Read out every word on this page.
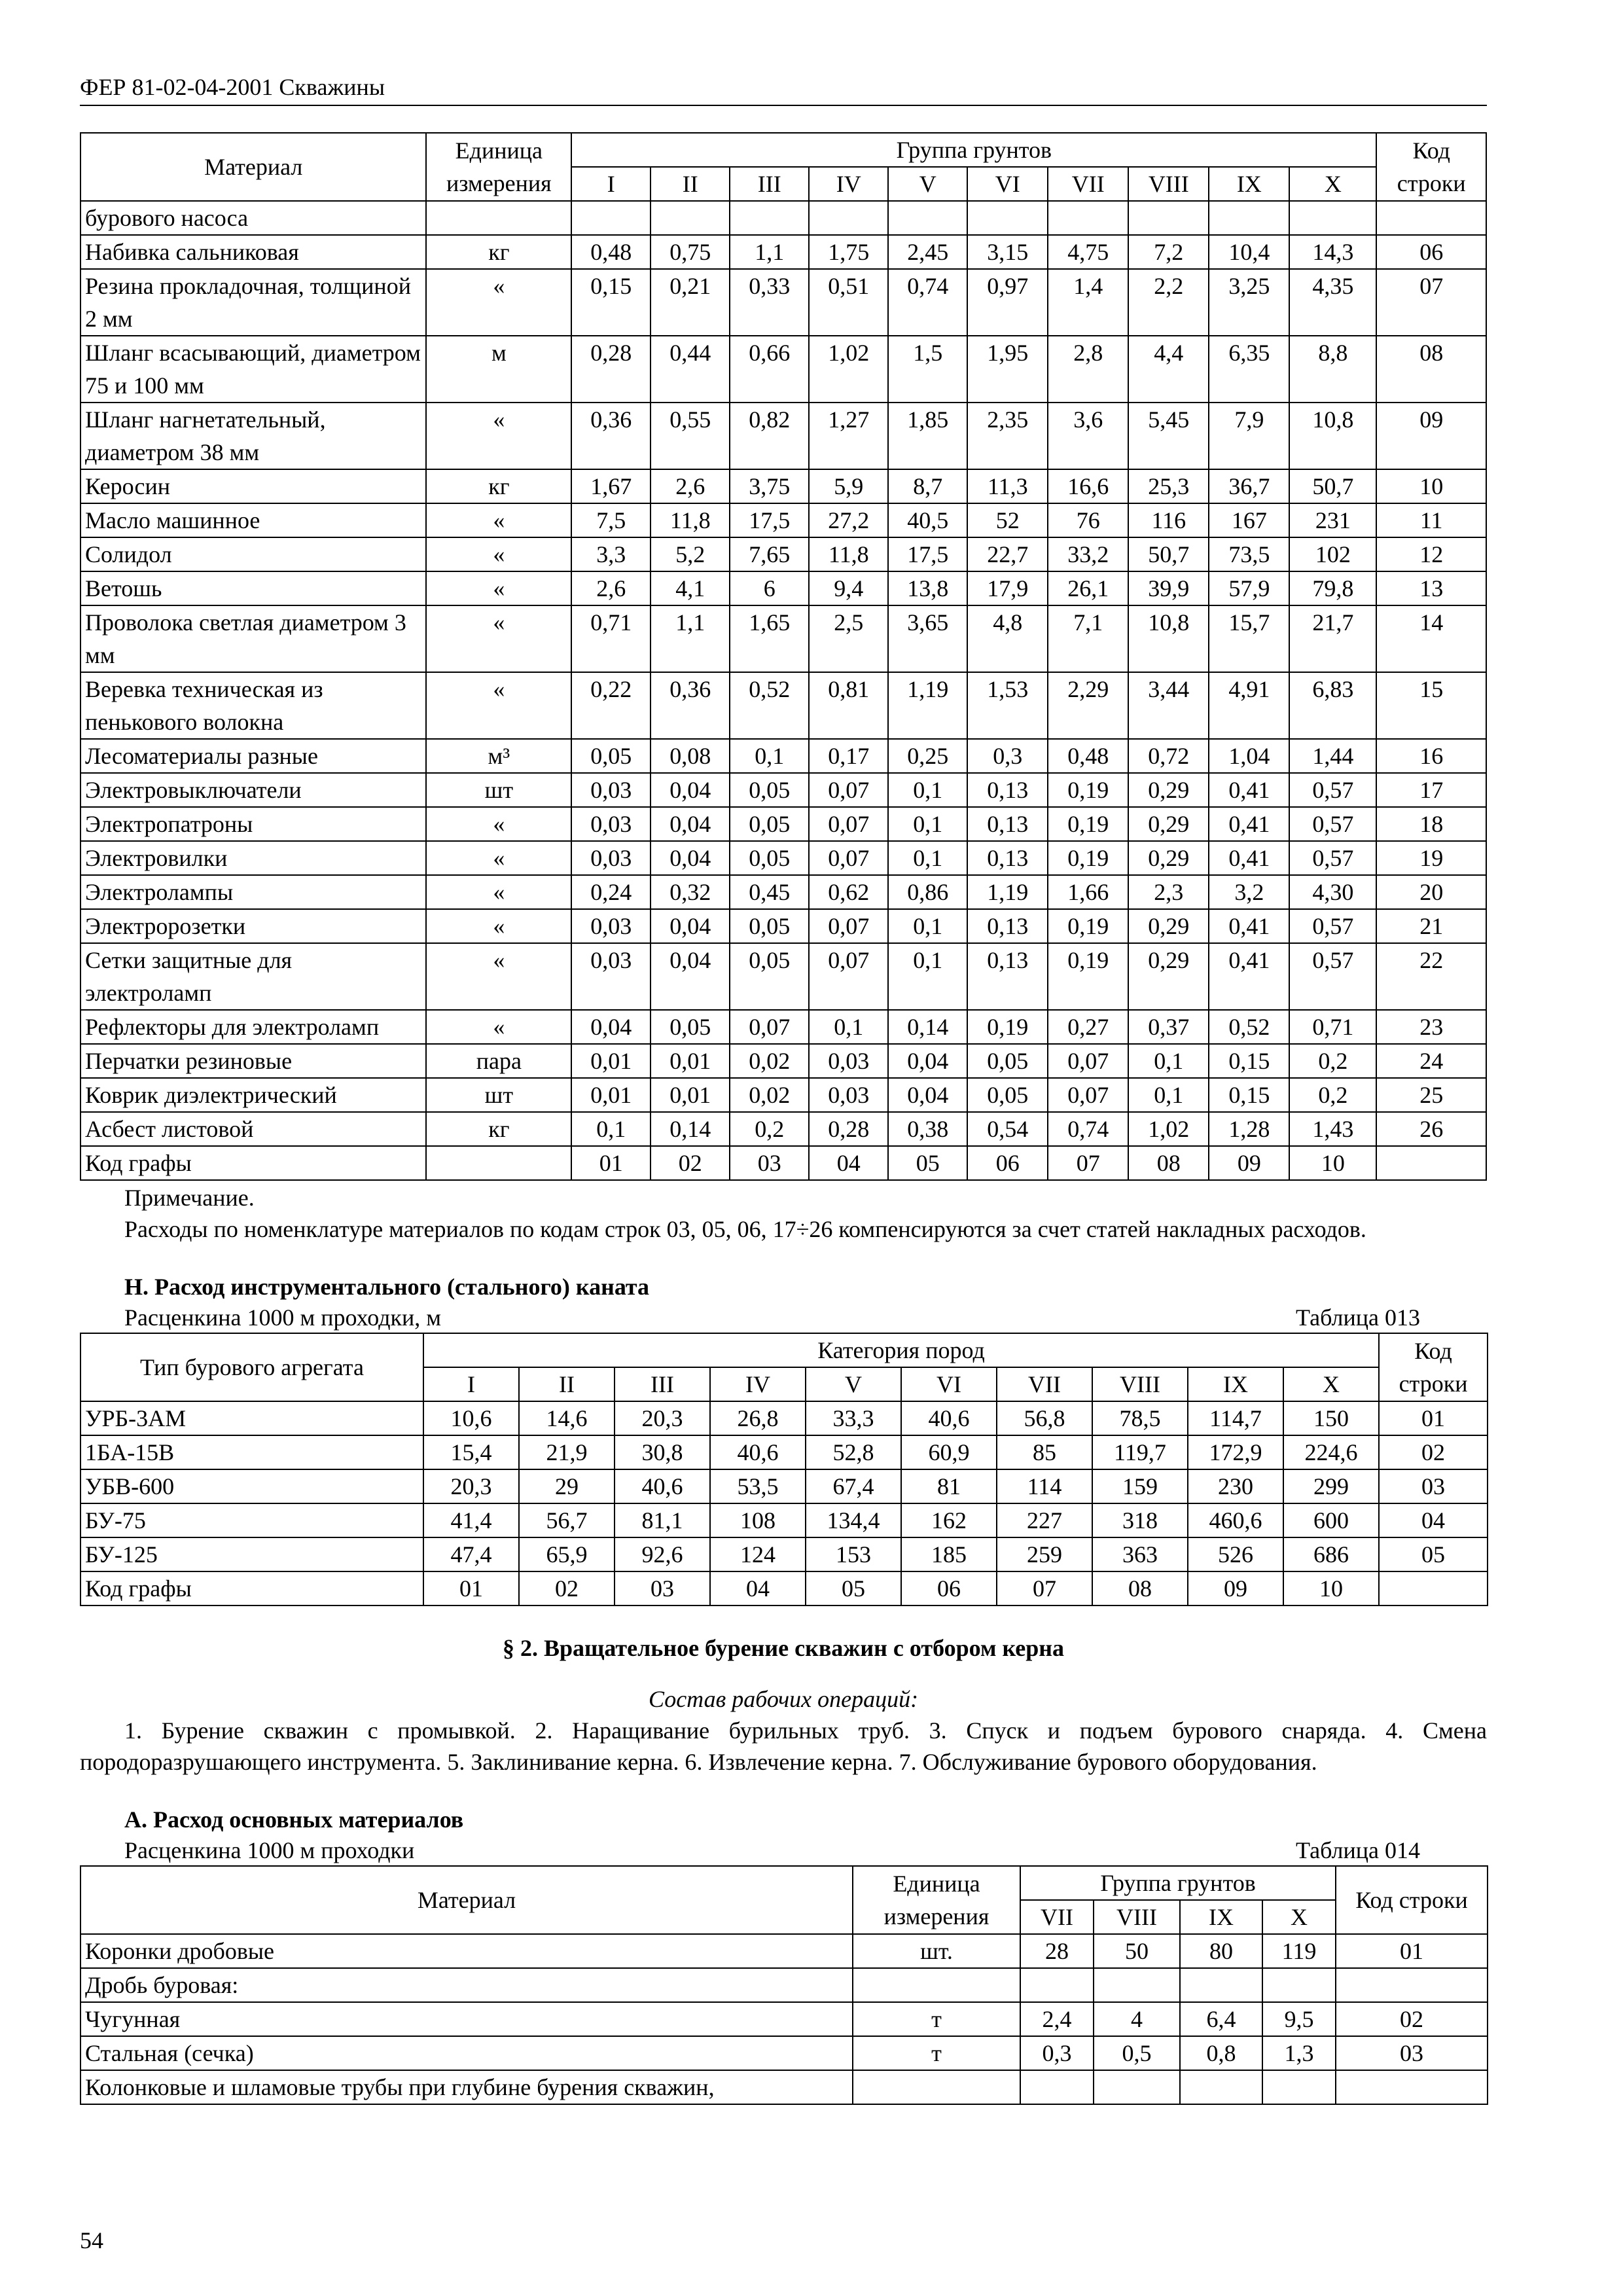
ФЕР 81-02-04-2001 Скважины
Материал	Единица измерения	Группа грунтов										Код строки
		I	II	III	IV	V	VI	VII	VIII	IX	X	
бурового насоса												
Набивка сальниковая	кг	0,48	0,75	1,1	1,75	2,45	3,15	4,75	7,2	10,4	14,3	06
Резина прокладочная, толщиной 2 мм	«	0,15	0,21	0,33	0,51	0,74	0,97	1,4	2,2	3,25	4,35	07
Шланг всасывающий, диаметром 75 и 100 мм	м	0,28	0,44	0,66	1,02	1,5	1,95	2,8	4,4	6,35	8,8	08
Шланг нагнетательный, диаметром 38 мм	«	0,36	0,55	0,82	1,27	1,85	2,35	3,6	5,45	7,9	10,8	09
Керосин	кг	1,67	2,6	3,75	5,9	8,7	11,3	16,6	25,3	36,7	50,7	10
Масло машинное	«	7,5	11,8	17,5	27,2	40,5	52	76	116	167	231	11
Солидол	«	3,3	5,2	7,65	11,8	17,5	22,7	33,2	50,7	73,5	102	12
Ветошь	«	2,6	4,1	6	9,4	13,8	17,9	26,1	39,9	57,9	79,8	13
Проволока светлая диаметром 3 мм	«	0,71	1,1	1,65	2,5	3,65	4,8	7,1	10,8	15,7	21,7	14
Веревка техническая из пенькового волокна	«	0,22	0,36	0,52	0,81	1,19	1,53	2,29	3,44	4,91	6,83	15
Лесоматериалы разные	м³	0,05	0,08	0,1	0,17	0,25	0,3	0,48	0,72	1,04	1,44	16
Электровыключатели	шт	0,03	0,04	0,05	0,07	0,1	0,13	0,19	0,29	0,41	0,57	17
Электропатроны	«	0,03	0,04	0,05	0,07	0,1	0,13	0,19	0,29	0,41	0,57	18
Электровилки	«	0,03	0,04	0,05	0,07	0,1	0,13	0,19	0,29	0,41	0,57	19
Электролампы	«	0,24	0,32	0,45	0,62	0,86	1,19	1,66	2,3	3,2	4,30	20
Электророзетки	«	0,03	0,04	0,05	0,07	0,1	0,13	0,19	0,29	0,41	0,57	21
Сетки защитные для электроламп	«	0,03	0,04	0,05	0,07	0,1	0,13	0,19	0,29	0,41	0,57	22
Рефлекторы для электроламп	«	0,04	0,05	0,07	0,1	0,14	0,19	0,27	0,37	0,52	0,71	23
Перчатки резиновые	пара	0,01	0,01	0,02	0,03	0,04	0,05	0,07	0,1	0,15	0,2	24
Коврик диэлектрический	шт	0,01	0,01	0,02	0,03	0,04	0,05	0,07	0,1	0,15	0,2	25
Асбест листовой	кг	0,1	0,14	0,2	0,28	0,38	0,54	0,74	1,02	1,28	1,43	26
Код графы		01	02	03	04	05	06	07	08	09	10	
Примечание.
Расходы по номенклатуре материалов по кодам строк 03, 05, 06, 17÷26 компенсируются за счет статей накладных расходов.
Н. Расход инструментального (стального) каната
Расценкина 1000 м проходки, м	Таблица 013
Тип бурового агрегата	Категория пород										Код строки
	I	II	III	IV	V	VI	VII	VIII	IX	X	
УРБ-3АМ	10,6	14,6	20,3	26,8	33,3	40,6	56,8	78,5	114,7	150	01
1БА-15В	15,4	21,9	30,8	40,6	52,8	60,9	85	119,7	172,9	224,6	02
УБВ-600	20,3	29	40,6	53,5	67,4	81	114	159	230	299	03
БУ-75	41,4	56,7	81,1	108	134,4	162	227	318	460,6	600	04
БУ-125	47,4	65,9	92,6	124	153	185	259	363	526	686	05
Код графы	01	02	03	04	05	06	07	08	09	10	
§ 2. Вращательное бурение скважин с отбором керна
Состав рабочих операций:
1. Бурение скважин с промывкой. 2. Наращивание бурильных труб. 3. Спуск и подъем бурового снаряда. 4. Смена породоразрушающего инструмента. 5. Заклинивание керна. 6. Извлечение керна. 7. Обслуживание бурового оборудования.
А. Расход основных материалов
Расценкина 1000 м проходки	Таблица 014
Материал	Единица измерения	Группа грунтов				Код строки
		VII	VIII	IX	X	
Коронки дробовые	шт.	28	50	80	119	01
Дробь буровая:						
Чугунная	т	2,4	4	6,4	9,5	02
Стальная (сечка)	т	0,3	0,5	0,8	1,3	03
Колонковые и шламовые трубы при глубине бурения скважин,						
54
